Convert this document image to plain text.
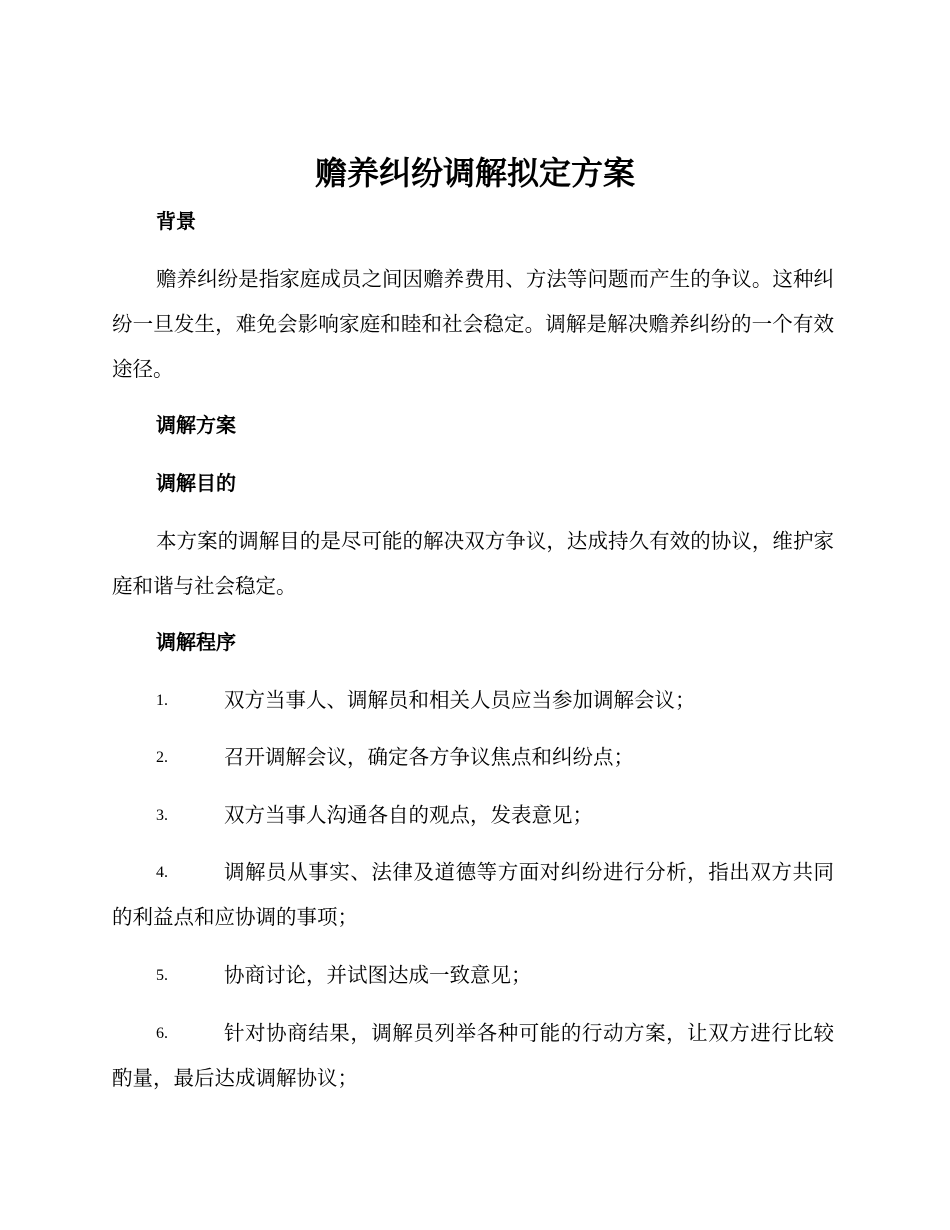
赡养纠纷调解拟定方案
背景

赡养纠纷是指家庭成员之间因赡养费用、方法等问题而产生的争议。这种纠纷一旦发生，难免会影响家庭和睦和社会稳定。调解是解决赡养纠纷的一个有效途径。

调解方案
调解目的

本方案的调解目的是尽可能的解决双方争议，达成持久有效的协议，维护家庭和谐与社会稳定。

调解程序
1.	双方当事人、调解员和相关人员应当参加调解会议；
2.	召开调解会议，确定各方争议焦点和纠纷点；
3.	双方当事人沟通各自的观点，发表意见；
4.	调解员从事实、法律及道德等方面对纠纷进行分析，指出双方共同的利益点和应协调的事项；
5.	协商讨论，并试图达成一致意见；
6.	针对协商结果，调解员列举各种可能的行动方案，让双方进行比较酌量，最后达成调解协议；
